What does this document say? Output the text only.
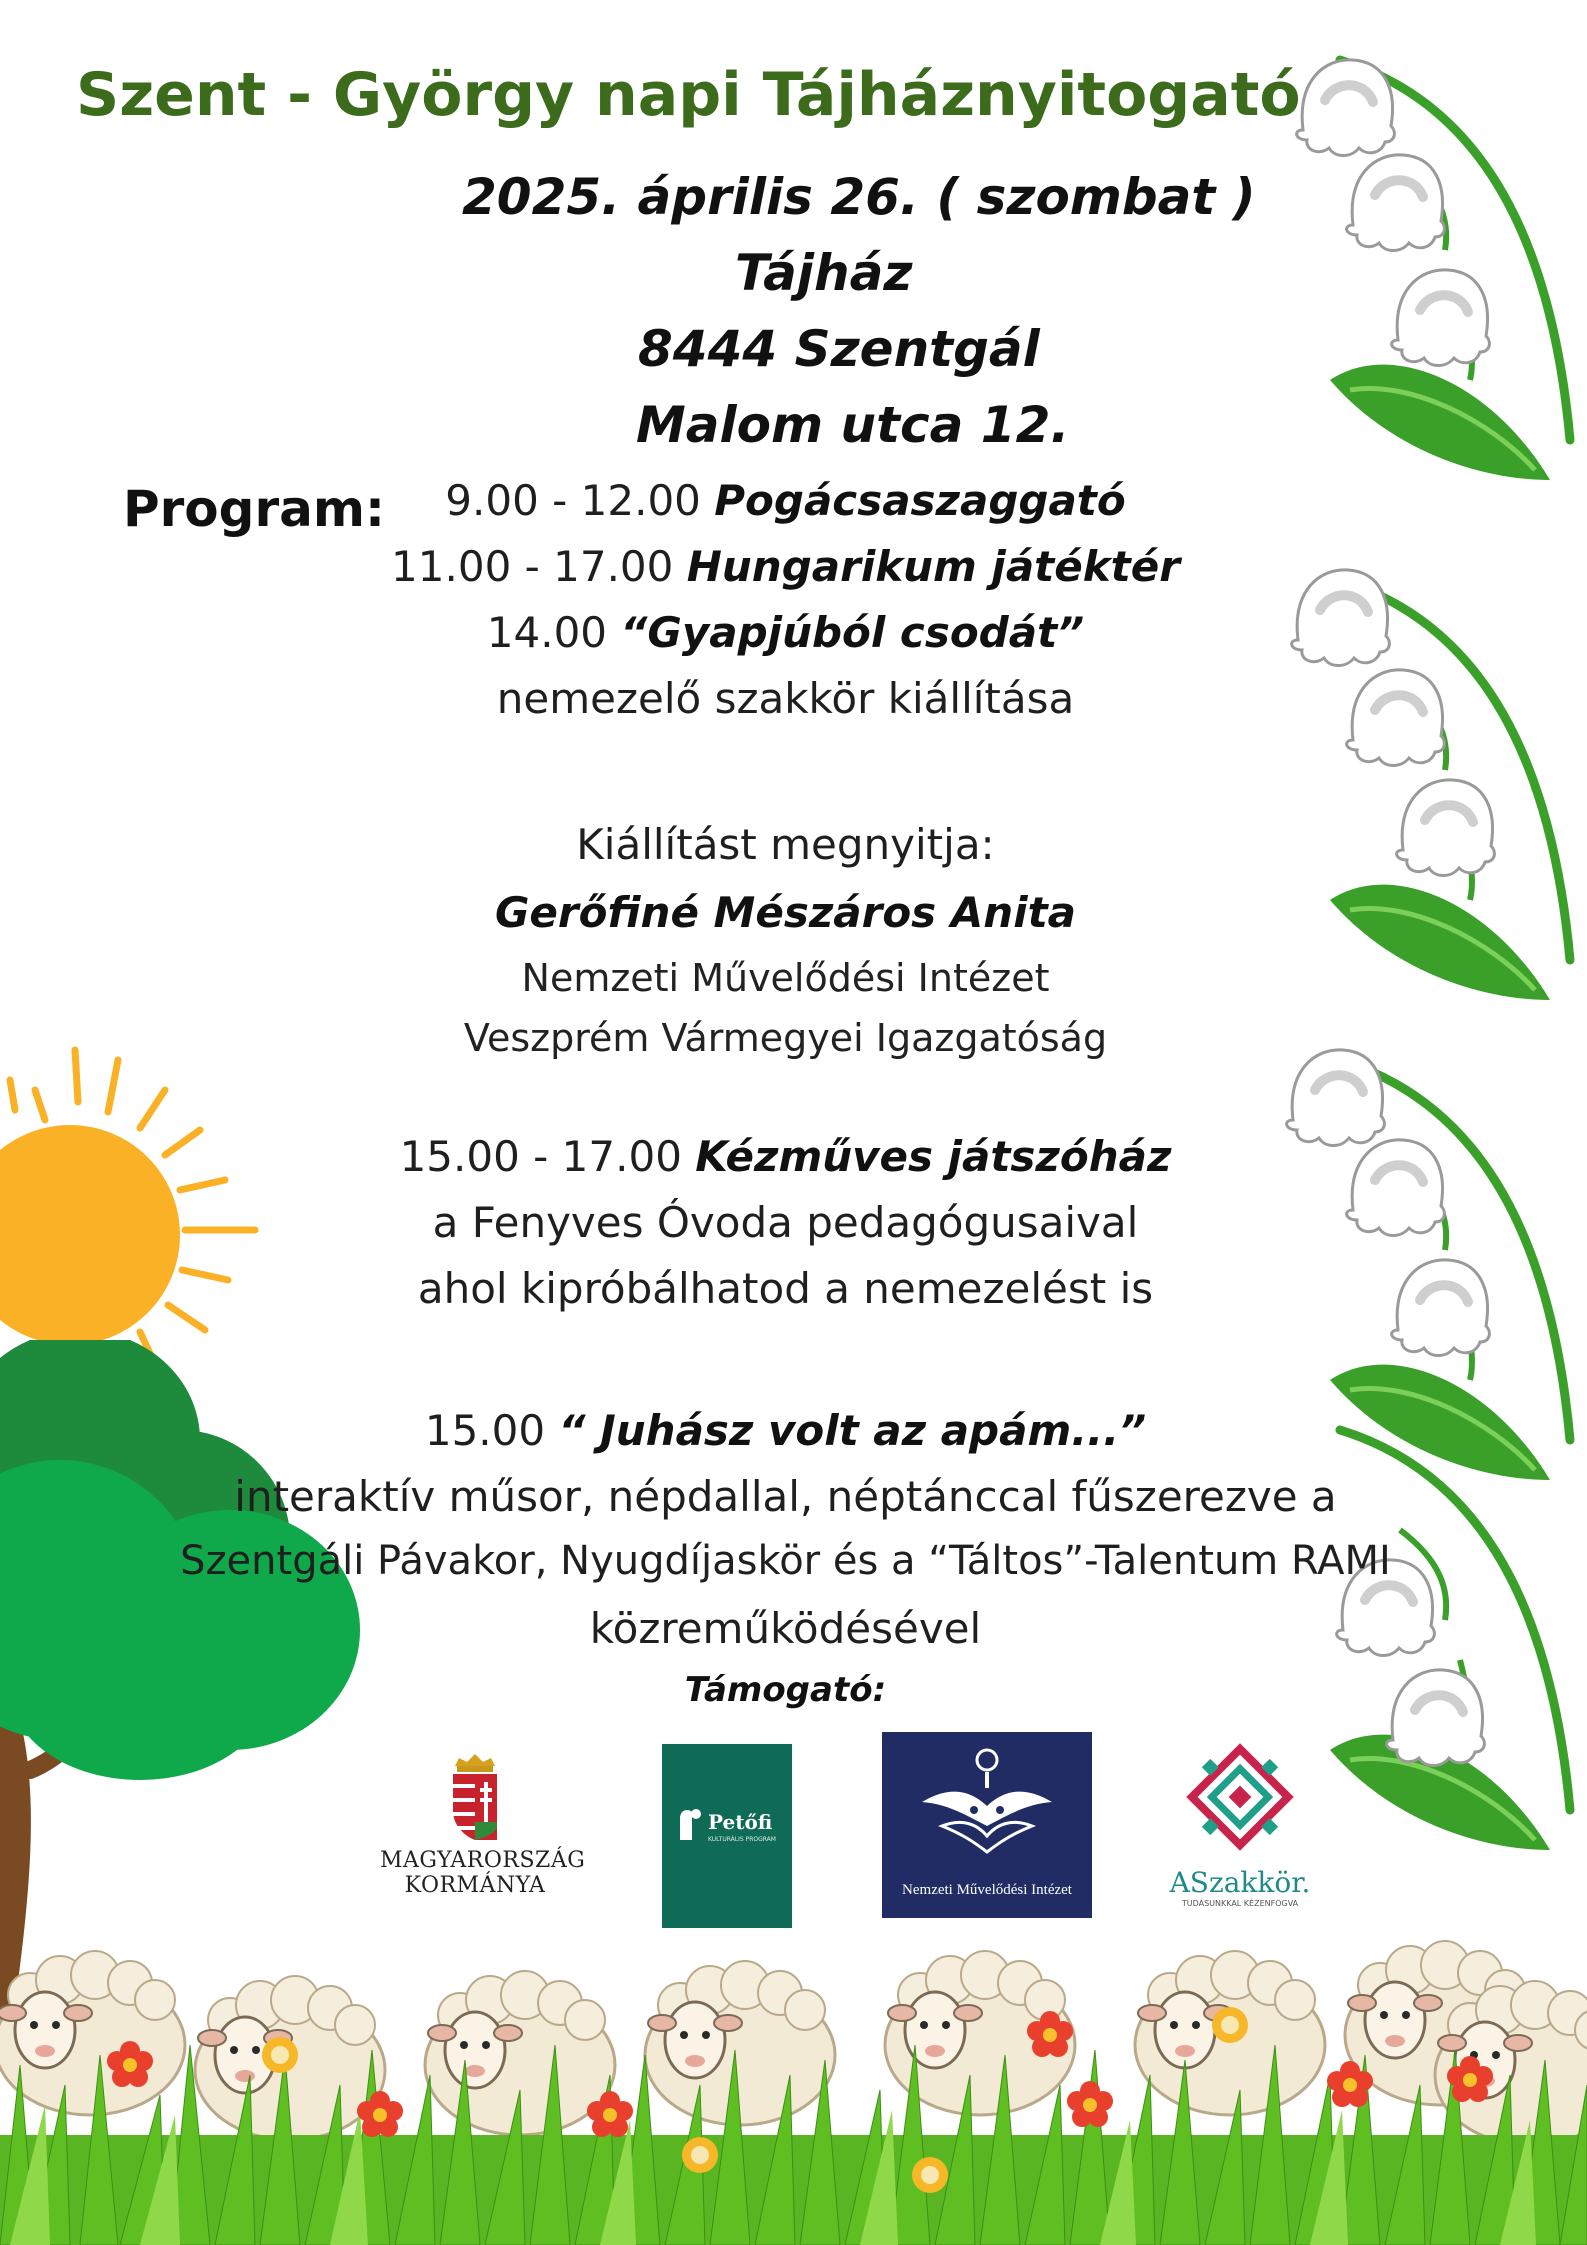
Szent - György napi Tájháznyitogató
2025. április 26. ( szombat )
Tájház
8444 Szentgál
Malom utca 12.
Program:	9.00 - 12.00 Pogácsaszaggató
11.00 - 17.00 Hungarikum játéktér
14.00 “Gyapjúból csodát”
nemezelő szakkör kiállítása
Kiállítást megnyitja:
Gerőfiné Mészáros Anita
Nemzeti Művelődési Intézet
Veszprém Vármegyei Igazgatóság
15.00 - 17.00 Kézműves játszóház
a Fenyves Óvoda pedagógusaival
ahol kipróbálhatod a nemezelést is
15.00 “ Juhász volt az apám...”
interaktív műsor, népdallal, néptánccal fűszerezve a
Szentgáli Pávakor, Nyugdíjaskör és a “Táltos”-Talentum RAMI
közreműködésével
Támogató:
MAGYARORSZÁG
KORMÁNYA
Petőfi
KULTURÁLIS PROGRAM
Nemzeti Művelődési Intézet	ASzakkör.
TUDÁSUNKKAL KÉZENFOGVA
